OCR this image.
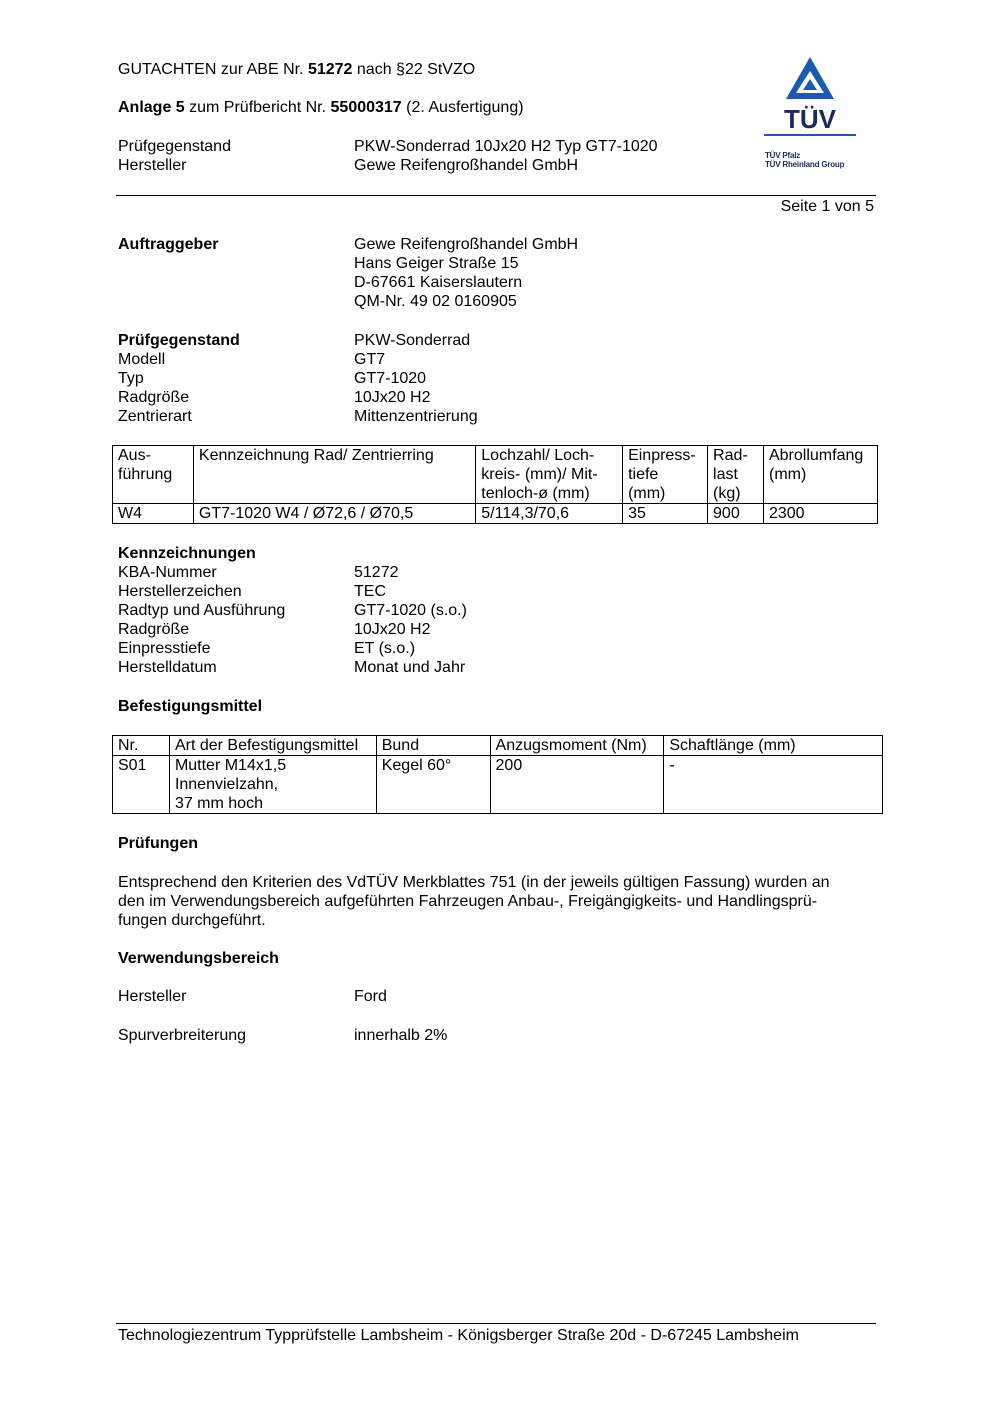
GUTACHTEN zur ABE Nr. 51272 nach §22 StVZO
Anlage 5 zum Prüfbericht Nr. 55000317 (2. Ausfertigung)
Prüfgegenstand	PKW-Sonderrad 10Jx20 H2 Typ GT7-1020
Hersteller	Gewe Reifengroßhandel GmbH
TÜV
TÜV Pfalz
TÜV Rheinland Group
Seite 1 von 5
Auftraggeber	Gewe Reifengroßhandel GmbH
Hans Geiger Straße 15
D-67661 Kaiserslautern
QM-Nr. 49 02 0160905
Prüfgegenstand	PKW-Sonderrad
Modell	GT7
Typ	GT7-1020
Radgröße	10Jx20 H2
Zentrierart	Mittenzentrierung
Aus-
führung	Kennzeichnung Rad/ Zentrierring	Lochzahl/ Loch-
kreis- (mm)/ Mit-
tenloch-ø (mm)	Einpress-
tiefe
(mm)	Rad-
last
(kg)	Abrollumfang
(mm)
W4	GT7-1020 W4 / Ø72,6 / Ø70,5	5/114,3/70,6	35	900	2300
Kennzeichnungen
KBA-Nummer	51272
Herstellerzeichen	TEC
Radtyp und Ausführung	GT7-1020 (s.o.)
Radgröße	10Jx20 H2
Einpresstiefe	ET (s.o.)
Herstelldatum	Monat und Jahr
Befestigungsmittel
Nr.	Art der Befestigungsmittel	Bund	Anzugsmoment (Nm)	Schaftlänge (mm)
S01	Mutter M14x1,5
Innenvielzahn,
37 mm hoch	Kegel 60°	200	-
Prüfungen
Entsprechend den Kriterien des VdTÜV Merkblattes 751 (in der jeweils gültigen Fassung) wurden an
den im Verwendungsbereich aufgeführten Fahrzeugen Anbau-, Freigängigkeits- und Handlingsprü-
fungen durchgeführt.
Verwendungsbereich
Hersteller	Ford
Spurverbreiterung	innerhalb 2%
Technologiezentrum Typprüfstelle Lambsheim - Königsberger Straße 20d - D-67245 Lambsheim
